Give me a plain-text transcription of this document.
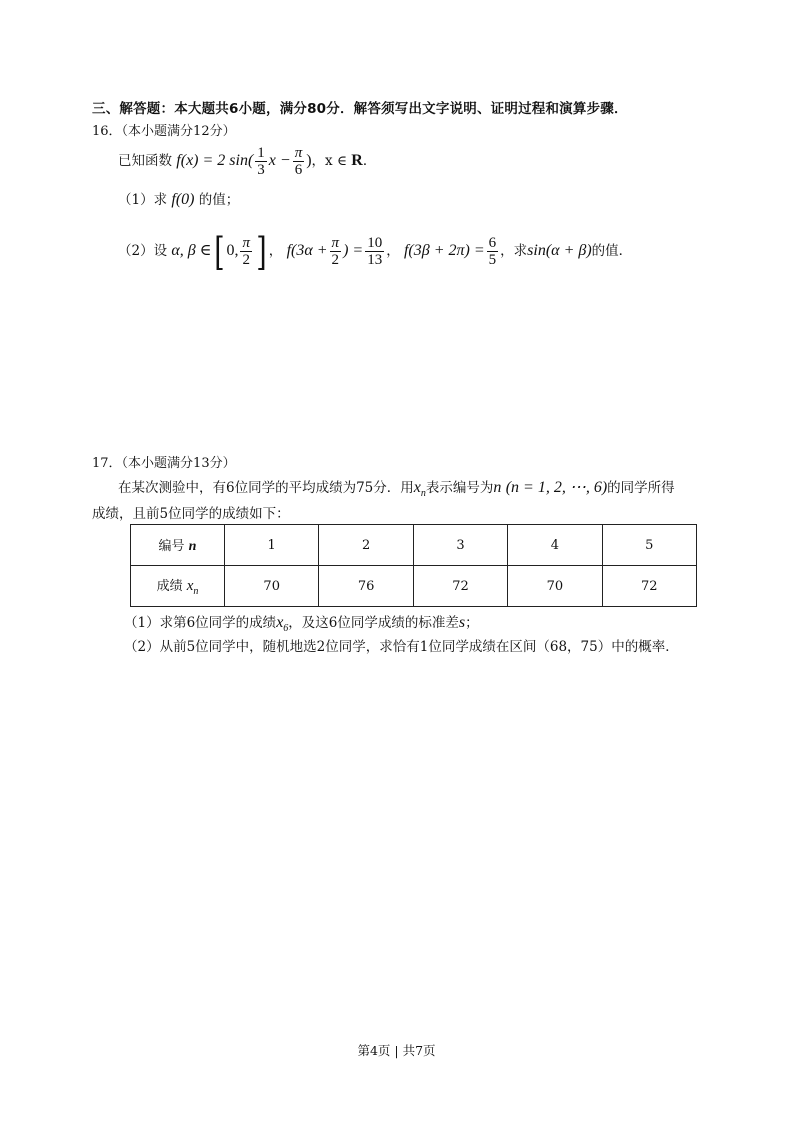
三、解答题：本大题共6小题，满分80分．解答须写出文字说明、证明过程和演算步骤．
16．（本小题满分12分）
已知函数 f(x) = 2 $\sin( \frac{1}{3}$ $x - \frac{\pi}{6}$ )，x ∈ R．
（1）求 f(0) 的值；
（2）设 α, β ∈[ 0, $\frac{\pi}{2}$ ] ， $f(3\alpha + \frac{\pi}{2}$ ) = $\frac{10}{13}$ ， $f(3\beta + 2\pi) = \frac{6}{5}$ ，求sin(α + β)的值．
17．（本小题满分13分）
在某次测验中，有6位同学的平均成绩为75分．用$x_n$表示编号为n (n = 1, 2, ⋯, 6)的同学所得
成绩，且前5位同学的成绩如下：
编号 n	1	2	3	4	5
成绩 $x_n$	70	76	72	70	72
（1）求第6位同学的成绩$x_6$，及这6位同学成绩的标准差s；
（2）从前5位同学中，随机地选2位同学，求恰有1位同学成绩在区间（68，75）中的概率．
第4页 | 共7页
